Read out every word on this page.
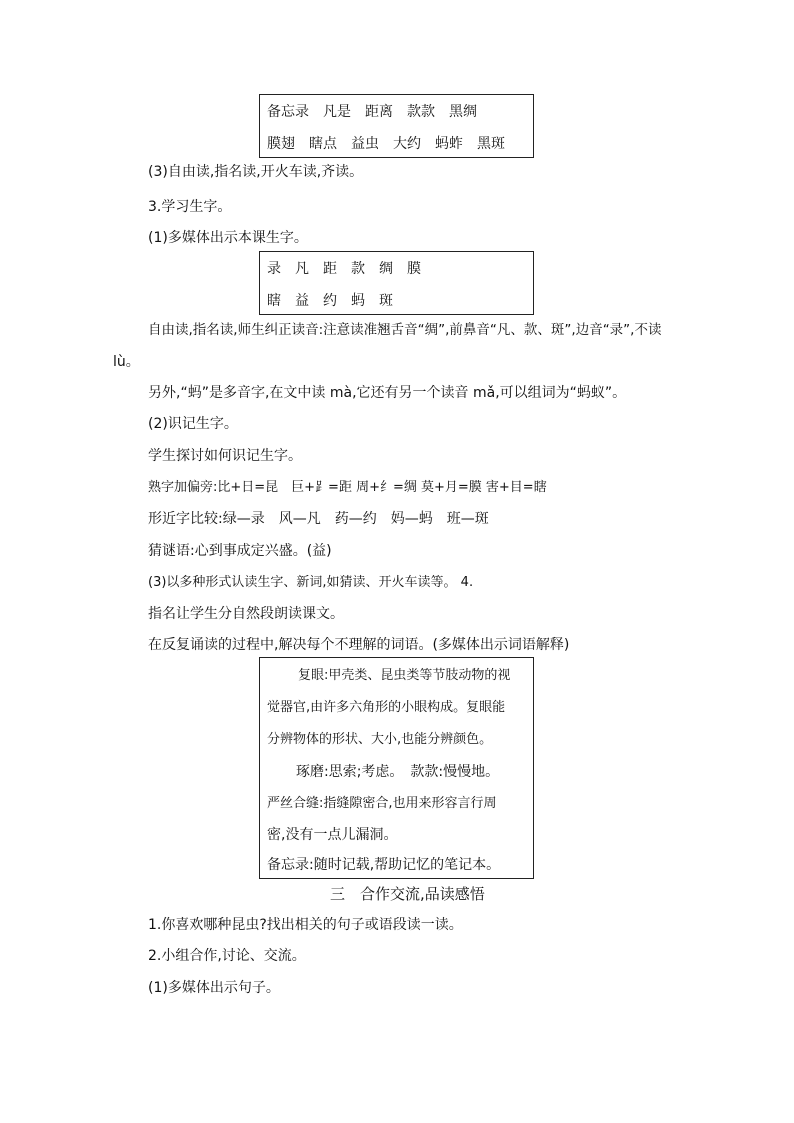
备忘录　凡是　距离　款款　黑绸
膜翅　瞎点　益虫　大约　蚂蚱　黑斑
(3)自由读,指名读,开火车读,齐读。
3.学习生字。
(1)多媒体出示本课生字。
录　凡　距　款　绸　膜
瞎　益　约　蚂　斑
自由读,指名读,师生纠正读音:注意读准翘舌音“绸”,前鼻音“凡、款、斑”,边音“录”,不读
lù。
另外,“蚂”是多音字,在文中读 mà,它还有另一个读音 mǎ,可以组词为“蚂蚁”。
(2)识记生字。
学生探讨如何识记生字。
熟字加偏旁:比+日=昆　巨+⻊=距 周+纟=绸 莫+月=膜 害+目=瞎
形近字比较:绿—录　风—凡　药—约　妈—蚂　班—斑
猜谜语:心到事成定兴盛。(益)
(3)以多种形式认读生字、新词,如猜读、开火车读等。 4.
指名让学生分自然段朗读课文。
在反复诵读的过程中,解决每个不理解的词语。(多媒体出示词语解释)
复眼:甲壳类、昆虫类等节肢动物的视
觉器官,由许多六角形的小眼构成。复眼能
分辨物体的形状、大小,也能分辨颜色。
琢磨:思索;考虑。　款款:慢慢地。
严丝合缝:指缝隙密合,也用来形容言行周
密,没有一点儿漏洞。
备忘录:随时记载,帮助记忆的笔记本。
三　合作交流,品读感悟
1.你喜欢哪种昆虫?找出相关的句子或语段读一读。
2.小组合作,讨论、交流。
(1)多媒体出示句子。
